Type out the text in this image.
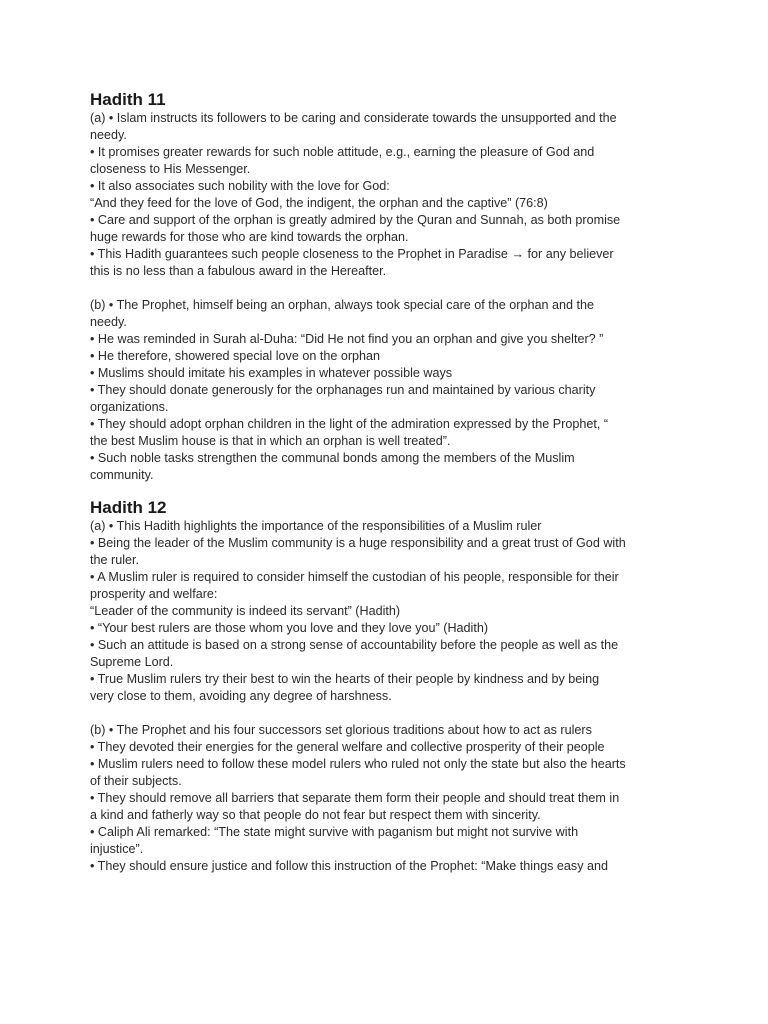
Hadith 11
(a) • Islam instructs its followers to be caring and considerate towards the unsupported and the
needy.
• It promises greater rewards for such noble attitude, e.g., earning the pleasure of God and
closeness to His Messenger.
• It also associates such nobility with the love for God:
“And they feed for the love of God, the indigent, the orphan and the captive” (76:8)
• Care and support of the orphan is greatly admired by the Quran and Sunnah, as both promise
huge rewards for those who are kind towards the orphan.
• This Hadith guarantees such people closeness to the Prophet in Paradise → for any believer
this is no less than a fabulous award in the Hereafter.
(b) • The Prophet, himself being an orphan, always took special care of the orphan and the
needy.
• He was reminded in Surah al-Duha: “Did He not find you an orphan and give you shelter? ”
• He therefore, showered special love on the orphan
• Muslims should imitate his examples in whatever possible ways
• They should donate generously for the orphanages run and maintained by various charity
organizations.
• They should adopt orphan children in the light of the admiration expressed by the Prophet, “
the best Muslim house is that in which an orphan is well treated”.
• Such noble tasks strengthen the communal bonds among the members of the Muslim
community.
Hadith 12
(a) • This Hadith highlights the importance of the responsibilities of a Muslim ruler
• Being the leader of the Muslim community is a huge responsibility and a great trust of God with
the ruler.
• A Muslim ruler is required to consider himself the custodian of his people, responsible for their
prosperity and welfare:
“Leader of the community is indeed its servant” (Hadith)
• “Your best rulers are those whom you love and they love you” (Hadith)
• Such an attitude is based on a strong sense of accountability before the people as well as the
Supreme Lord.
• True Muslim rulers try their best to win the hearts of their people by kindness and by being
very close to them, avoiding any degree of harshness.
(b) • The Prophet and his four successors set glorious traditions about how to act as rulers
• They devoted their energies for the general welfare and collective prosperity of their people
• Muslim rulers need to follow these model rulers who ruled not only the state but also the hearts
of their subjects.
• They should remove all barriers that separate them form their people and should treat them in
a kind and fatherly way so that people do not fear but respect them with sincerity.
• Caliph Ali remarked: “The state might survive with paganism but might not survive with
injustice”.
• They should ensure justice and follow this instruction of the Prophet: “Make things easy and
